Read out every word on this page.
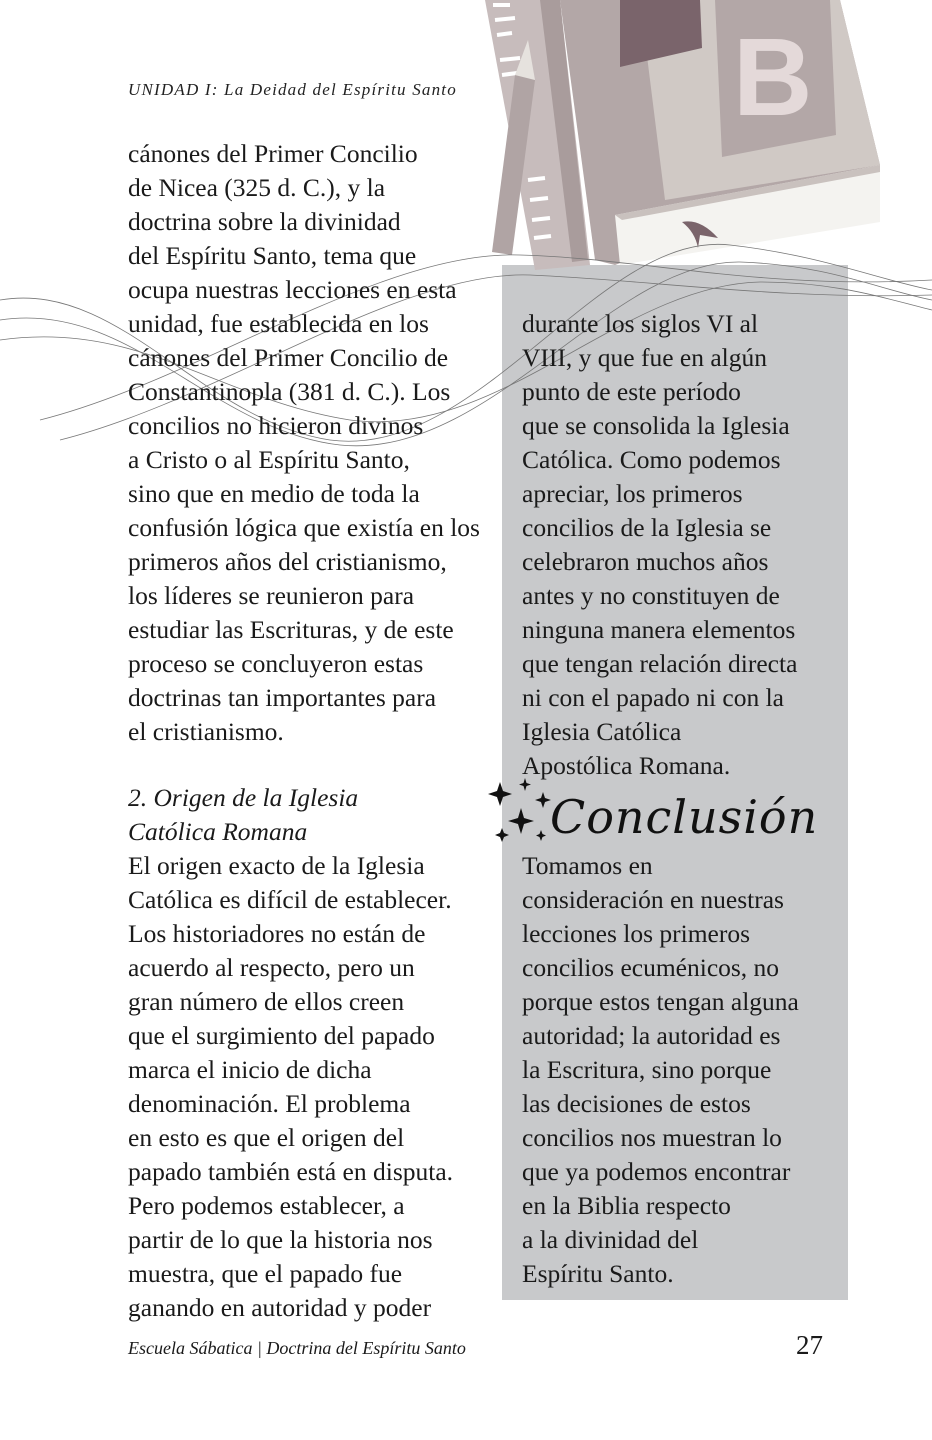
B
UNIDAD I: La Deidad del Espíritu Santo
cánones del Primer Concilio
de Nicea (325 d. C.), y la
doctrina sobre la divinidad
del Espíritu Santo, tema que
ocupa nuestras lecciones en esta
unidad, fue establecida en los
cánones del Primer Concilio de
Constantinopla (381 d. C.). Los
concilios no hicieron divinos
a Cristo o al Espíritu Santo,
sino que en medio de toda la
confusión lógica que existía en los
primeros años del cristianismo,
los líderes se reunieron para
estudiar las Escrituras, y de este
proceso se concluyeron estas
doctrinas tan importantes para
el cristianismo.
2. Origen de la Iglesia
Católica Romana
El origen exacto de la Iglesia
Católica es difícil de establecer.
Los historiadores no están de
acuerdo al respecto, pero un
gran número de ellos creen
que el surgimiento del papado
marca el inicio de dicha
denominación. El problema
en esto es que el origen del
papado también está en disputa.
Pero podemos establecer, a
partir de lo que la historia nos
muestra, que el papado fue
ganando en autoridad y poder
durante los siglos VI al
VIII, y que fue en algún
punto de este período
que se consolida la Iglesia
Católica. Como podemos
apreciar, los primeros
concilios de la Iglesia se
celebraron muchos años
antes y no constituyen de
ninguna manera elementos
que tengan relación directa
ni con el papado ni con la
Iglesia Católica
Apostólica Romana.
Conclusión
Tomamos en
consideración en nuestras
lecciones los primeros
concilios ecuménicos, no
porque estos tengan alguna
autoridad; la autoridad es
la Escritura, sino porque
las decisiones de estos
concilios nos muestran lo
que ya podemos encontrar
en la Biblia respecto
a la divinidad del
Espíritu Santo.
Escuela Sábatica | Doctrina del Espíritu Santo	27
